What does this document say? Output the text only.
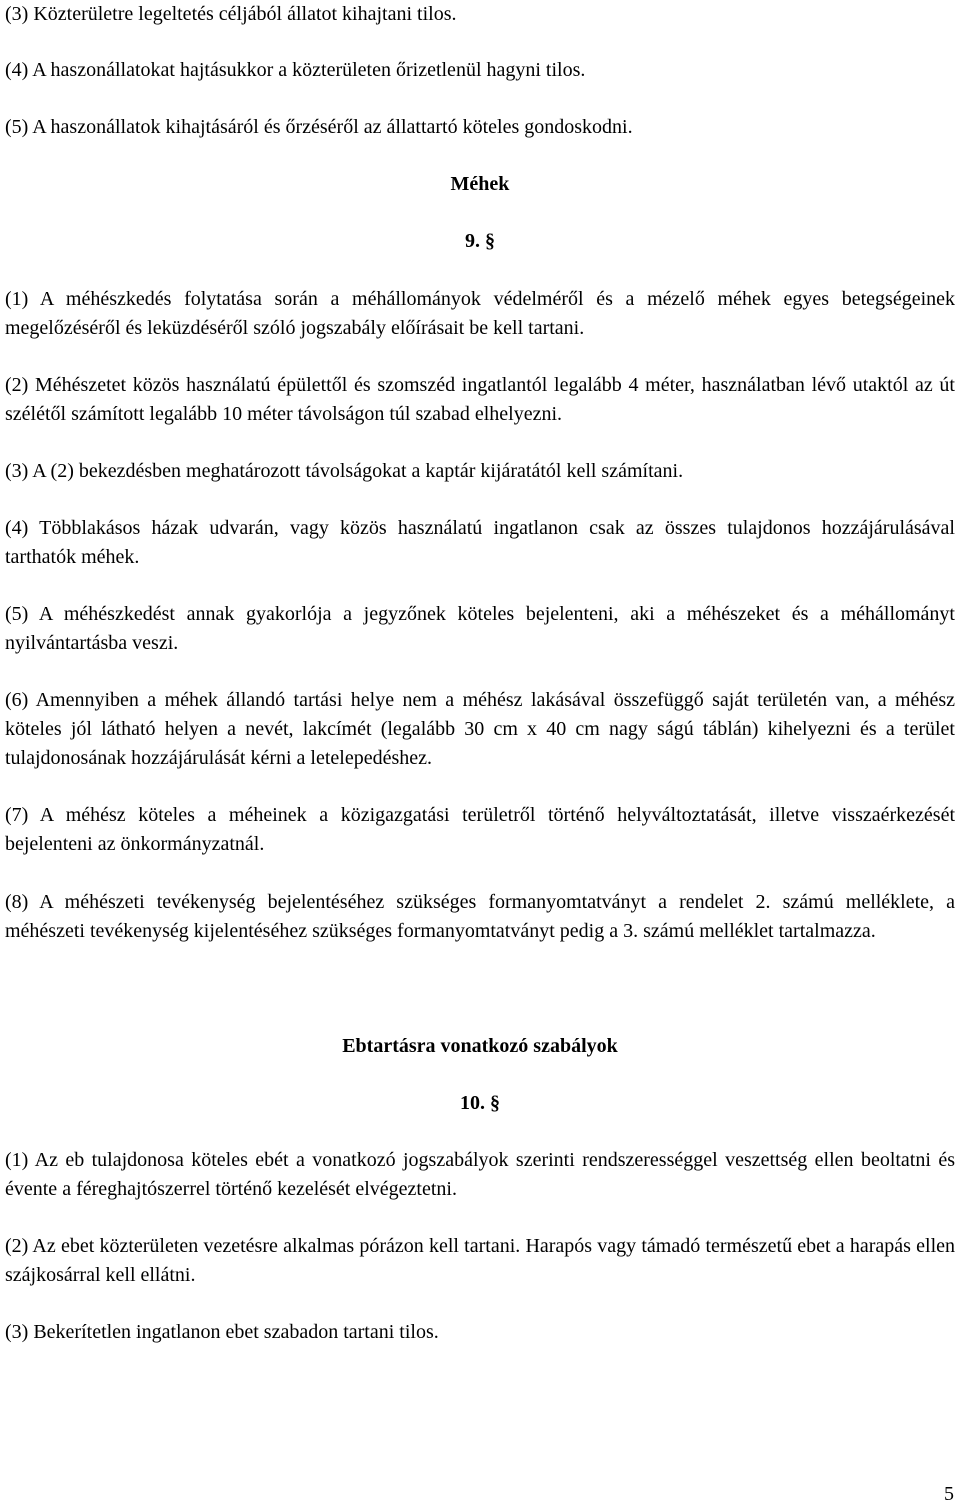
(3) Közterületre legeltetés céljából állatot kihajtani tilos.

(4) A haszonállatokat hajtásukkor a közterületen őrizetlenül hagyni tilos.

(5) A haszonállatok kihajtásáról és őrzéséről az állattartó köteles gondoskodni.

Méhek
9. §

(1) A méhészkedés folytatása során a méhállományok védelméről és a mézelő méhek egyes betegségeinek megelőzéséről és leküzdéséről szóló jogszabály előírásait be kell tartani.

(2) Méhészetet közös használatú épülettől és szomszéd ingatlantól legalább 4 méter, használatban lévő utaktól az út szélétől számított legalább 10 méter távolságon túl szabad elhelyezni.

(3) A (2) bekezdésben meghatározott távolságokat a kaptár kijáratától kell számítani.

(4) Többlakásos házak udvarán, vagy közös használatú ingatlanon csak az összes tulajdonos hozzájárulásával tarthatók méhek.

(5) A méhészkedést annak gyakorlója a jegyzőnek köteles bejelenteni, aki a méhészeket és a méhállományt nyilvántartásba veszi.

(6) Amennyiben a méhek állandó tartási helye nem a méhész lakásával összefüggő saját területén van, a méhész köteles jól látható helyen a nevét, lakcímét (legalább 30 cm x 40 cm nagy ságú táblán) kihelyezni és a terület tulajdonosának hozzájárulását kérni a letelepedéshez.

(7) A méhész köteles a méheinek a közigazgatási területről történő helyváltoztatását, illetve visszaérkezését bejelenteni az önkormányzatnál.

(8) A méhészeti tevékenység bejelentéséhez szükséges formanyomtatványt a rendelet 2. számú melléklete, a méhészeti tevékenység kijelentéséhez szükséges formanyomtatványt pedig a 3. számú melléklet tartalmazza.

Ebtartásra vonatkozó szabályok
10. §

(1) Az eb tulajdonosa köteles ebét a vonatkozó jogszabályok szerinti rendszerességgel veszettség ellen beoltatni és évente a féreghajtószerrel történő kezelését elvégeztetni.

(2) Az ebet közterületen vezetésre alkalmas pórázon kell tartani. Harapós vagy támadó természetű ebet a harapás ellen szájkosárral kell ellátni.

(3) Bekerítetlen ingatlanon ebet szabadon tartani tilos.

5
